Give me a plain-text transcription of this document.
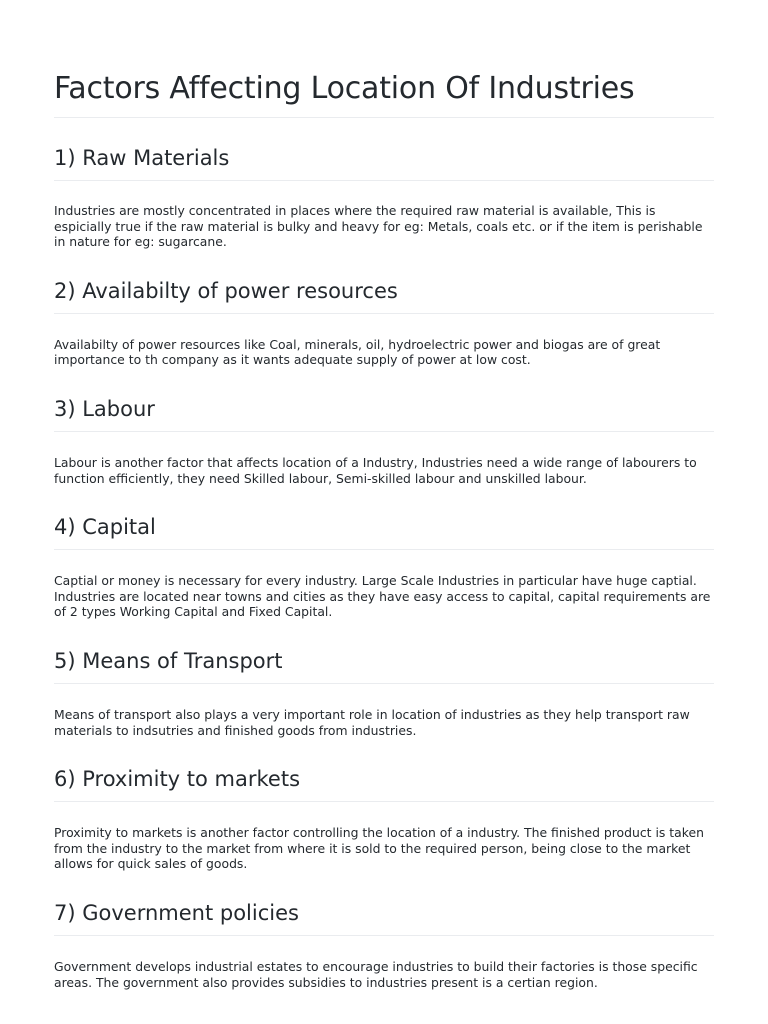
Factors Affecting Location Of Industries
1) Raw Materials

Industries are mostly concentrated in places where the required raw material is available, This is espicially true if the raw material is bulky and heavy for eg: Metals, coals etc. or if the item is perishable in nature for eg: sugarcane.

2) Availabilty of power resources

Availabilty of power resources like Coal, minerals, oil, hydroelectric power and biogas are of great importance to th company as it wants adequate supply of power at low cost.

3) Labour

Labour is another factor that affects location of a Industry, Industries need a wide range of labourers to function efficiently, they need Skilled labour, Semi-skilled labour and unskilled labour.

4) Capital

Captial or money is necessary for every industry. Large Scale Industries in particular have huge captial. Industries are located near towns and cities as they have easy access to capital, capital requirements are of 2 types Working Capital and Fixed Capital.

5) Means of Transport

Means of transport also plays a very important role in location of industries as they help transport raw materials to indsutries and finished goods from industries.

6) Proximity to markets

Proximity to markets is another factor controlling the location of a industry. The finished product is taken from the industry to the market from where it is sold to the required person, being close to the market allows for quick sales of goods.

7) Government policies

Government develops industrial estates to encourage industries to build their factories is those specific areas. The government also provides subsidies to industries present is a certian region.
